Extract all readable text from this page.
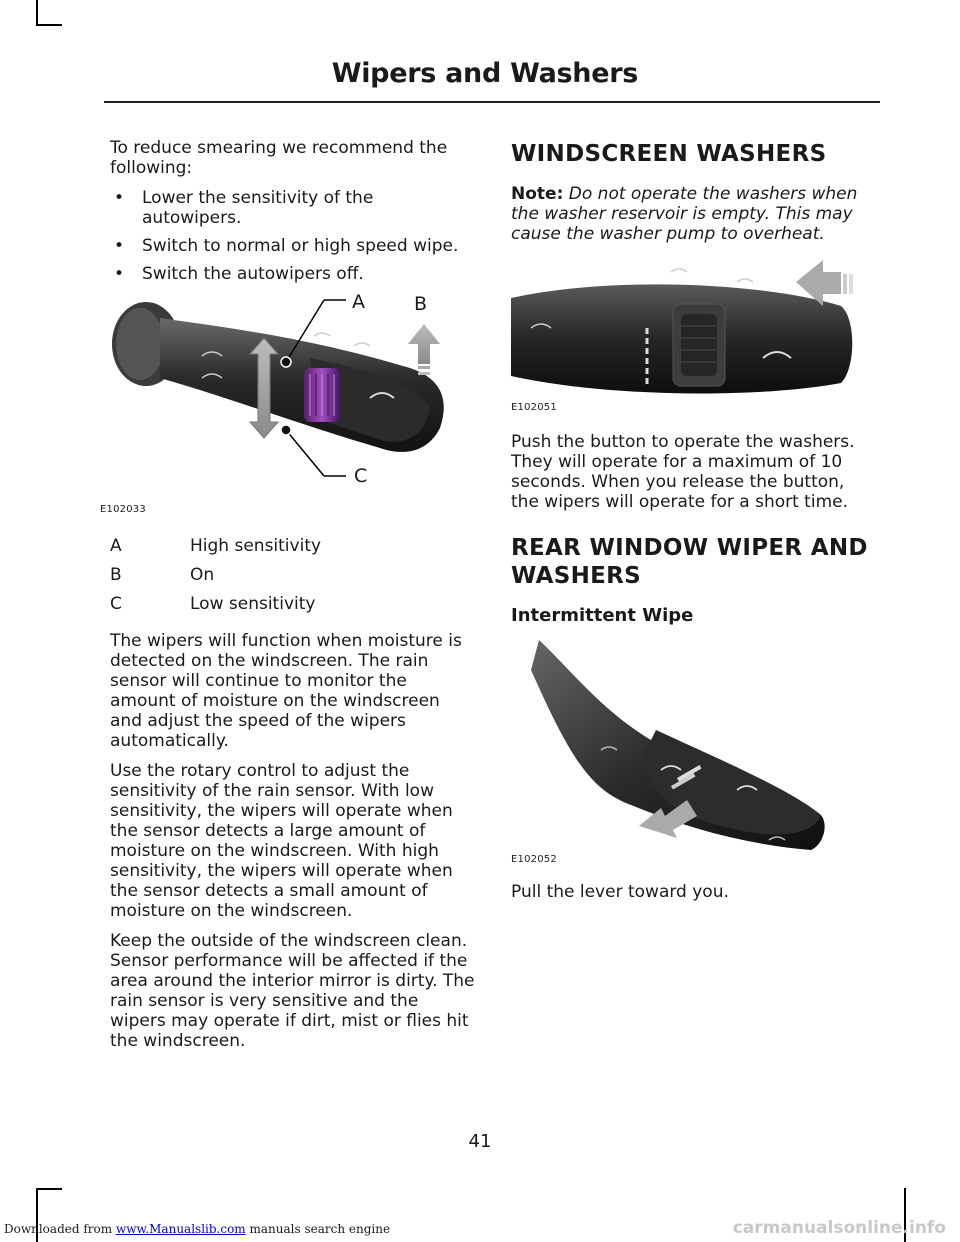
Wipers and Washers

To reduce smearing we recommend the following:

• Lower the sensitivity of the autowipers.
• Switch to normal or high speed wipe.
• Switch the autowipers off.
A	B
C
E102033
A	High sensitivity
B	On
C	Low sensitivity

The wipers will function when moisture is detected on the windscreen. The rain sensor will continue to monitor the amount of moisture on the windscreen and adjust the speed of the wipers automatically.

Use the rotary control to adjust the sensitivity of the rain sensor. With low sensitivity, the wipers will operate when the sensor detects a large amount of moisture on the windscreen. With high sensitivity, the wipers will operate when the sensor detects a small amount of moisture on the windscreen.

Keep the outside of the windscreen clean. Sensor performance will be affected if the area around the interior mirror is dirty. The rain sensor is very sensitive and the wipers may operate if dirt, mist or flies hit the windscreen.

WINDSCREEN WASHERS

Note: Do not operate the washers when the washer reservoir is empty. This may cause the washer pump to overheat.

E102051

Push the button to operate the washers. They will operate for a maximum of 10 seconds. When you release the button, the wipers will operate for a short time.

REAR WINDOW WIPER AND
WASHERS
Intermittent Wipe
E102052

Pull the lever toward you.

41
Downloaded from www.Manualslib.com manuals search engine	carmanualsonline.info
